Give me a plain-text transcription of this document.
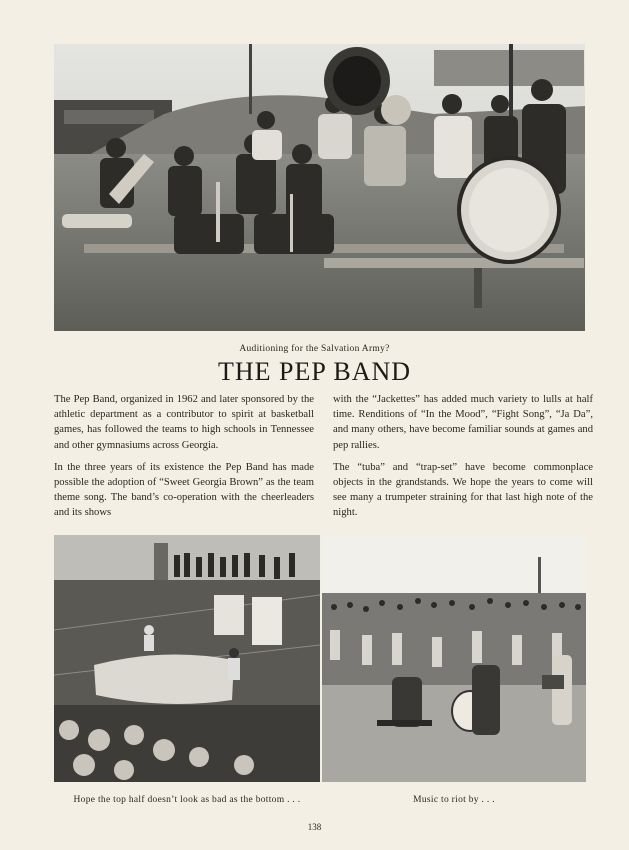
Auditioning for the Salvation Army?
THE PEP BAND

The Pep Band, organized in 1962 and later sponsored by the athletic department as a contributor to spirit at basketball games, has followed the teams to high schools in Tennessee and other gymnasiums across Georgia.

In the three years of its existence the Pep Band has made possible the adoption of “Sweet Georgia Brown” as the team theme song. The band’s co-operation with the cheerleaders and its shows

with the “Jackettes” has added much variety to lulls at half time. Renditions of “In the Mood”, “Fight Song”, “Ja Da”, and many others, have become familiar sounds at games and pep rallies.

The “tuba” and “trap-set” have become commonplace objects in the grandstands. We hope the years to come will see many a trumpeter straining for that last high note of the night.

Hope the top half doesn’t look as bad as the bottom . . .	Music to riot by . . .
138
